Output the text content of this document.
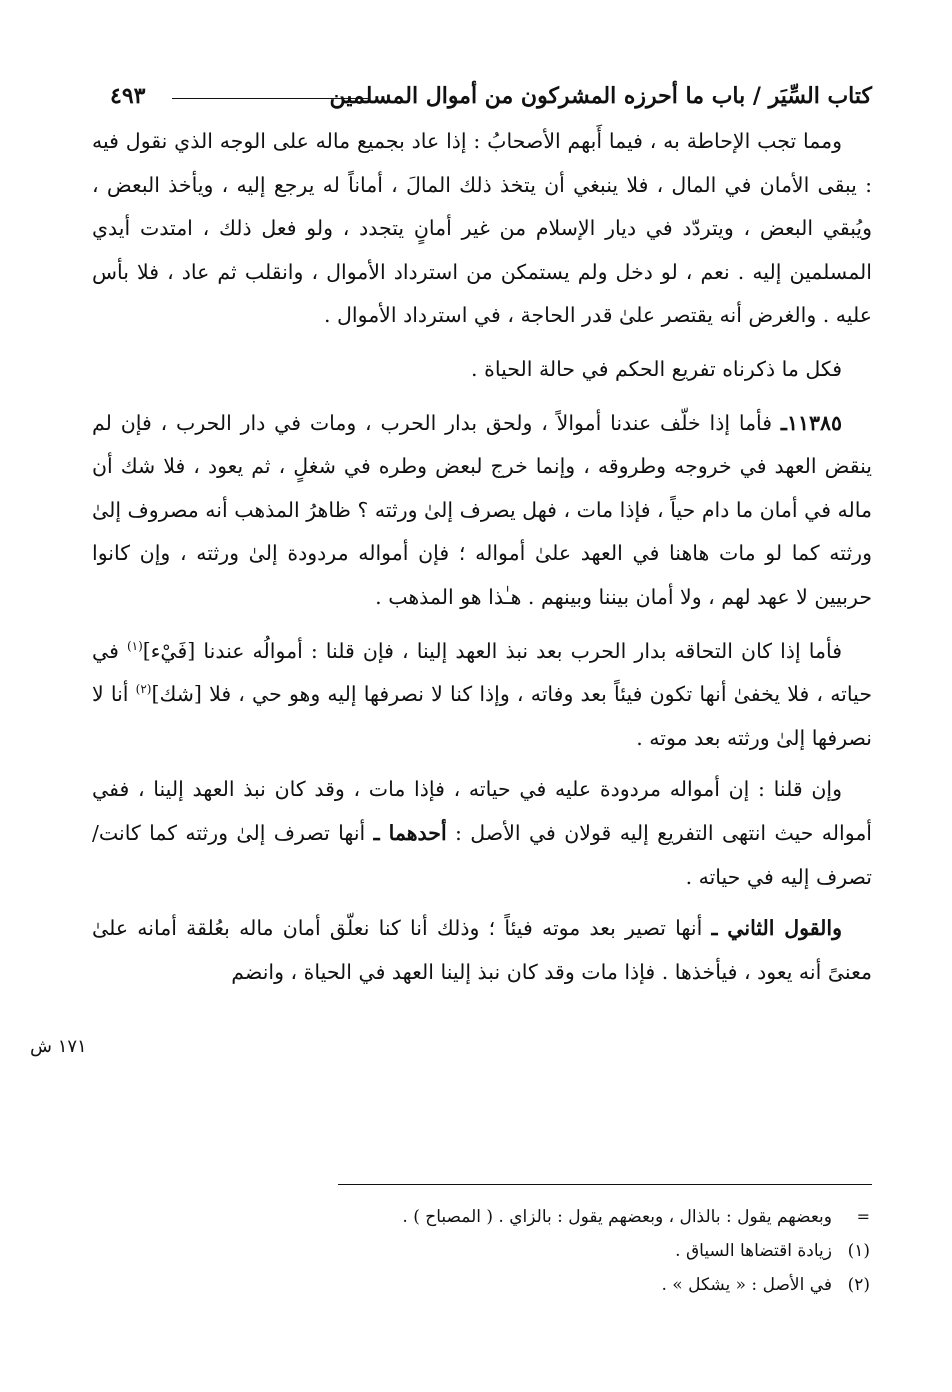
كتاب السِّيَر / باب ما أحرزه المشركون من أموال المسلمين
٤٩٣

ومما تجب الإحاطة به ، فيما أَبهم الأصحابُ : إذا عاد بجميع ماله على الوجه الذي نقول فيه : يبقى الأمان في المال ، فلا ينبغي أن يتخذ ذلك المالَ ، أماناً له يرجع إليه ، ويأخذ البعض ، ويُبقي البعض ، ويتردّد في ديار الإسلام من غير أمانٍ يتجدد ، ولو فعل ذلك ، امتدت أيدي المسلمين إليه . نعم ، لو دخل ولم يستمكن من استرداد الأموال ، وانقلب ثم عاد ، فلا بأس عليه . والغرض أنه يقتصر علىٰ قدر الحاجة ، في استرداد الأموال .

فكل ما ذكرناه تفريع الحكم في حالة الحياة .

١١٣٨٥ـ فأما إذا خلّف عندنا أموالاً ، ولحق بدار الحرب ، ومات في دار الحرب ، فإن لم ينقض العهد في خروجه وطروقه ، وإنما خرج لبعض وطره في شغلٍ ، ثم يعود ، فلا شك أن ماله في أمان ما دام حياً ، فإذا مات ، فهل يصرف إلىٰ ورثته ؟ ظاهرُ المذهب أنه مصروف إلىٰ ورثته كما لو مات هاهنا في العهد علىٰ أمواله ؛ فإن أمواله مردودة إلىٰ ورثته ، وإن كانوا حربيين لا عهد لهم ، ولا أمان بيننا وبينهم . هـٰذا هو المذهب .

فأما إذا كان التحاقه بدار الحرب بعد نبذ العهد إلينا ، فإن قلنا : أموالُه عندنا [فَيْء]$^{(١)}$ في حياته ، فلا يخفىٰ أنها تكون فيئاً بعد وفاته ، وإذا كنا لا نصرفها إليه وهو حي ، فلا [شك]$^{(٢)}$ أنا لا نصرفها إلىٰ ورثته بعد موته .

وإن قلنا : إن أمواله مردودة عليه في حياته ، فإذا مات ، وقد كان نبذ العهد إلينا ، ففي أمواله حيث انتهى التفريع إليه قولان في الأصل : أحدهما ـ أنها تصرف إلىٰ ورثته كما كانت/ تصرف إليه في حياته .

والقول الثاني ـ أنها تصير بعد موته فيئاً ؛ وذلك أنا كنا نعلّق أمان ماله بعُلقة أمانه علىٰ معنىً أنه يعود ، فيأخذها . فإذا مات وقد كان نبذ إلينا العهد في الحياة ، وانضم

١٧١ ش
=
وبعضهم يقول : بالذال ، وبعضهم يقول : بالزاي . ( المصباح ) .
(١)
زيادة اقتضاها السياق .
(٢)
في الأصل : « يشكل » .
